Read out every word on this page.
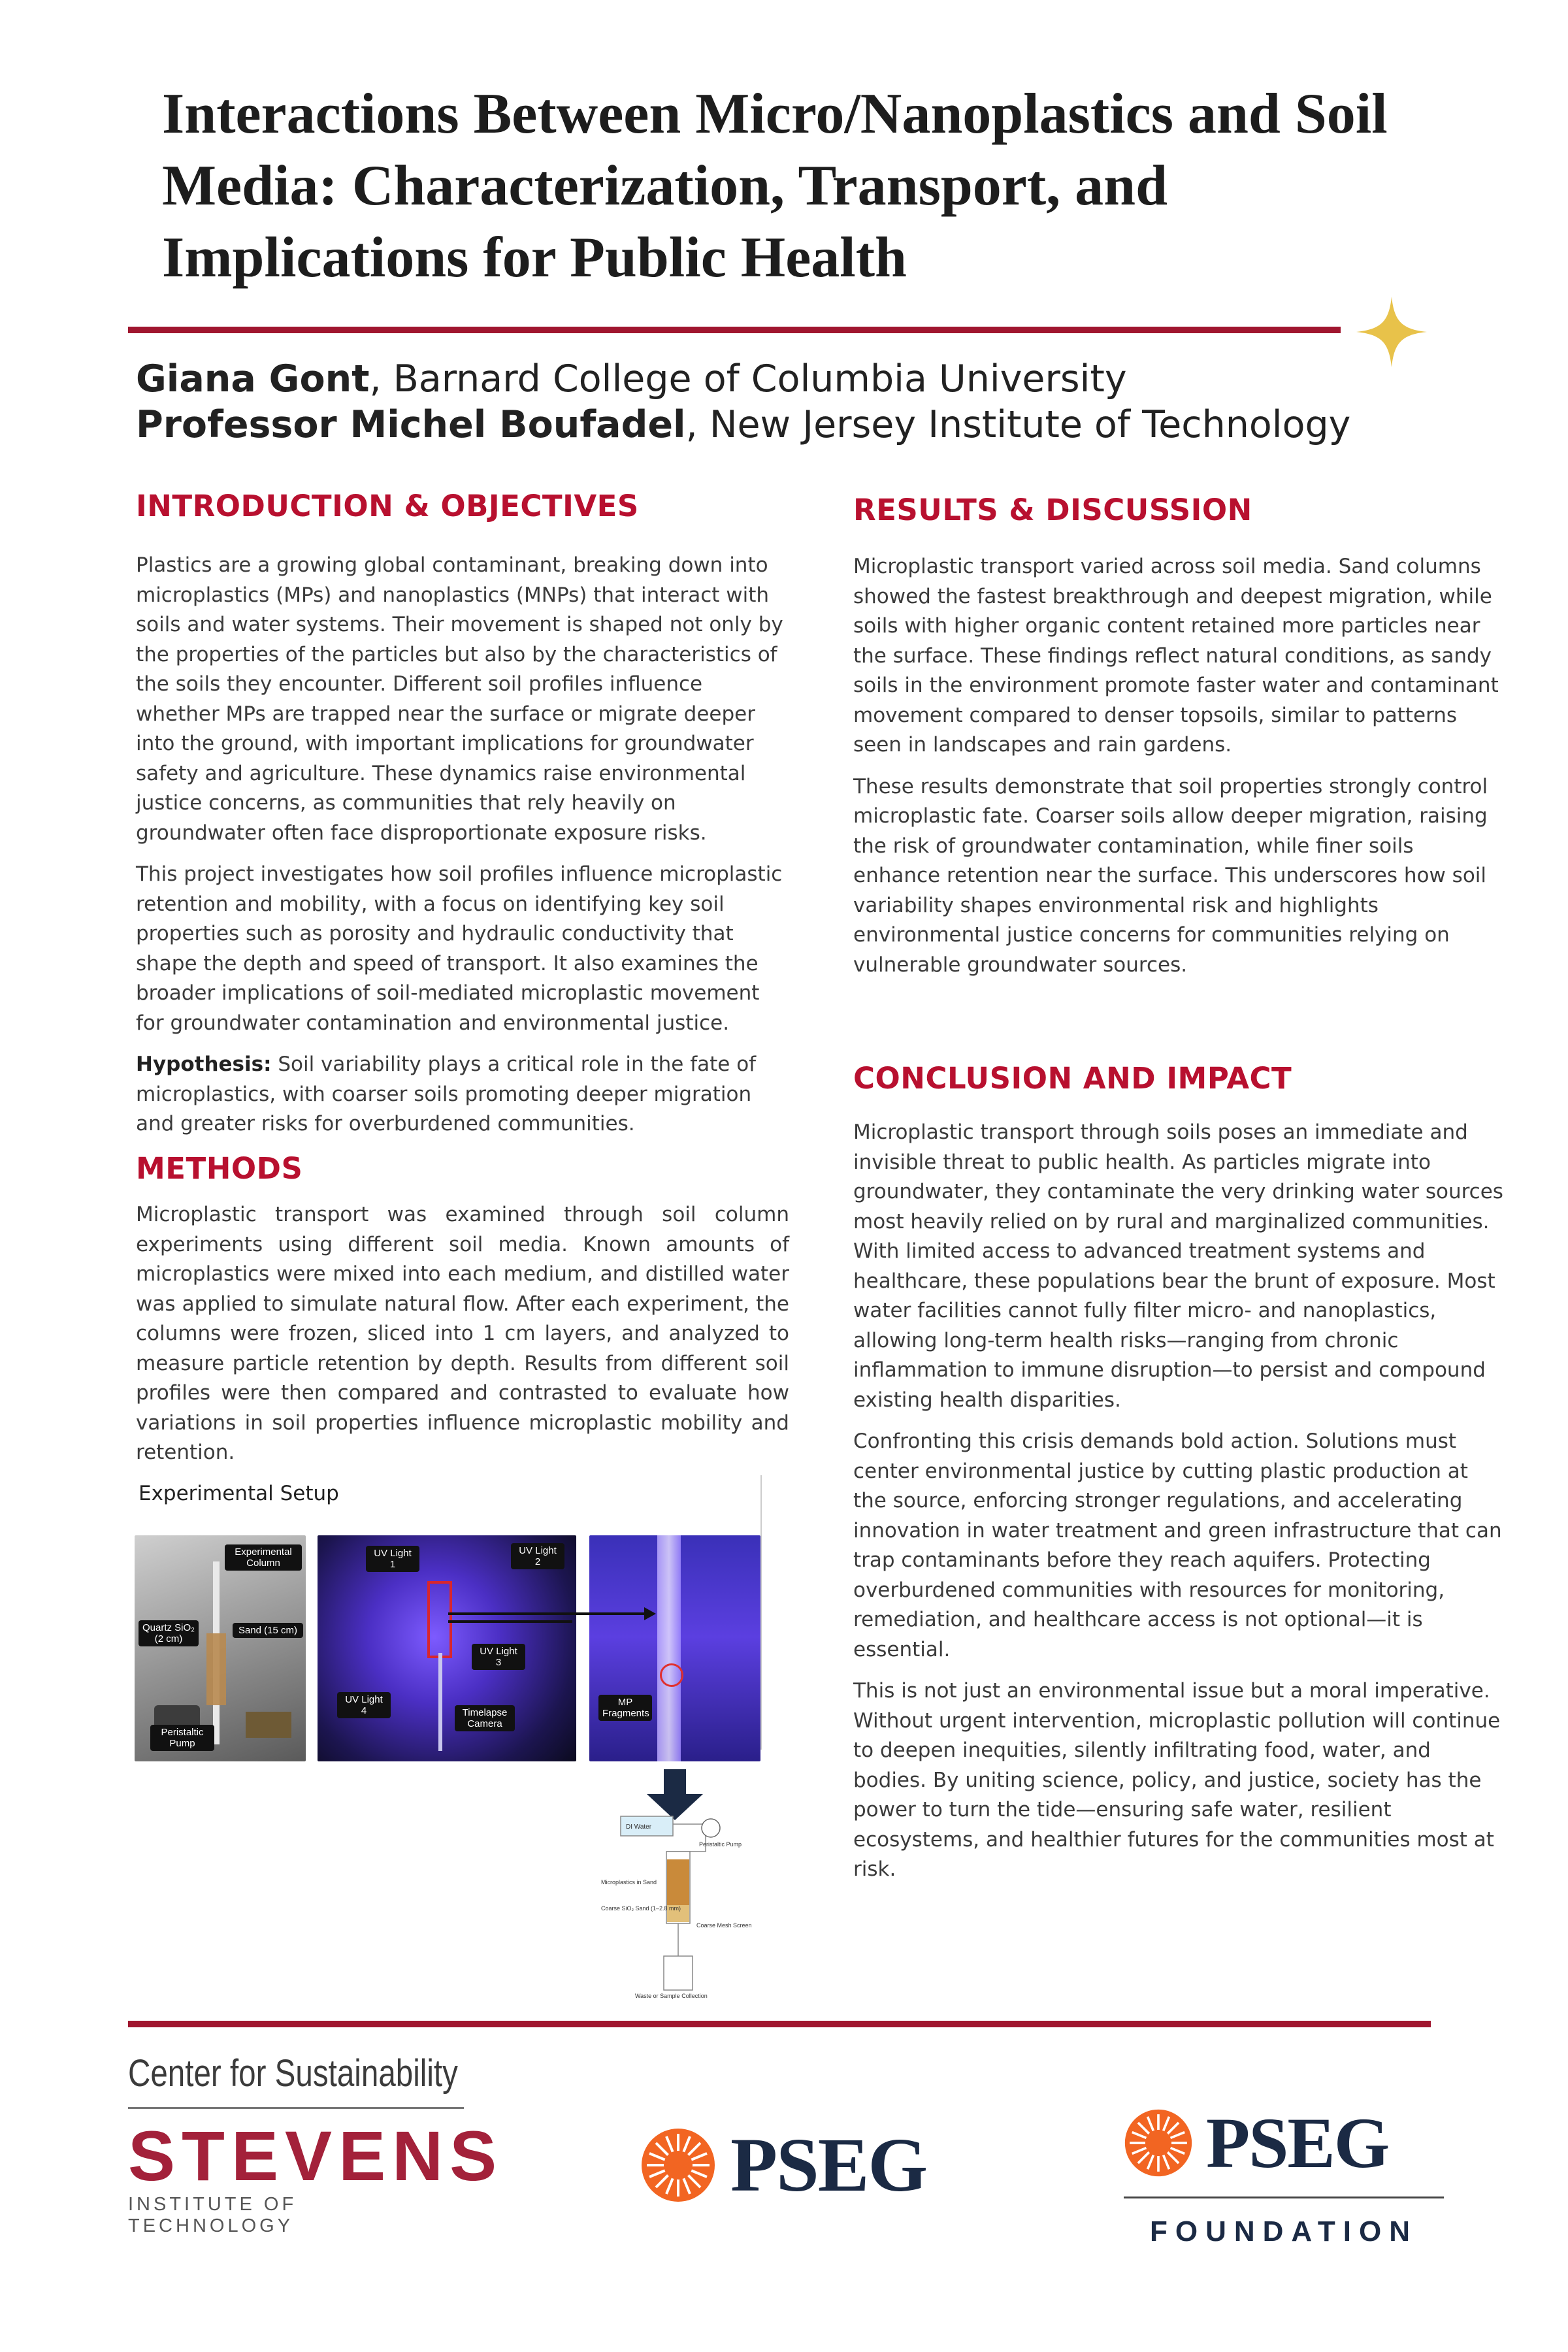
Interactions Between Micro/Nanoplastics and Soil Media: Characterization, Transport, and Implications for Public Health
Giana Gont, Barnard College of Columbia University
Professor Michel Boufadel, New Jersey Institute of Technology
INTRODUCTION & OBJECTIVES

Plastics are a growing global contaminant, breaking down into microplastics (MPs) and nanoplastics (MNPs) that interact with soils and water systems. Their movement is shaped not only by the properties of the particles but also by the characteristics of the soils they encounter. Different soil profiles influence whether MPs are trapped near the surface or migrate deeper into the ground, with important implications for groundwater safety and agriculture. These dynamics raise environmental justice concerns, as communities that rely heavily on groundwater often face disproportionate exposure risks.

This project investigates how soil profiles influence microplastic retention and mobility, with a focus on identifying key soil properties such as porosity and hydraulic conductivity that shape the depth and speed of transport. It also examines the broader implications of soil-mediated microplastic movement for groundwater contamination and environmental justice.

Hypothesis: Soil variability plays a critical role in the fate of microplastics, with coarser soils promoting deeper migration and greater risks for overburdened communities.

METHODS

Microplastic transport was examined through soil column experiments using different soil media. Known amounts of microplastics were mixed into each medium, and distilled water was applied to simulate natural flow. After each experiment, the columns were frozen, sliced into 1 cm layers, and analyzed to measure particle retention by depth. Results from different soil profiles were then compared and contrasted to evaluate how variations in soil properties influence microplastic mobility and retention.

Experimental Setup
Experimental Column
Quartz SiO₂ (2 cm)
Sand (15 cm)
Peristaltic Pump
UV Light 1
UV Light 2
UV Light 3
UV Light 4	Timelapse Camera
MP Fragments
DI Water
Peristaltic Pump
Microplastics in Sand
Coarse SiO₂ Sand (1–2.8 mm)
Coarse Mesh Screen
Waste or Sample Collection
RESULTS & DISCUSSION

Microplastic transport varied across soil media. Sand columns showed the fastest breakthrough and deepest migration, while soils with higher organic content retained more particles near the surface. These findings reflect natural conditions, as sandy soils in the environment promote faster water and contaminant movement compared to denser topsoils, similar to patterns seen in landscapes and rain gardens.

These results demonstrate that soil properties strongly control microplastic fate. Coarser soils allow deeper migration, raising the risk of groundwater contamination, while finer soils enhance retention near the surface. This underscores how soil variability shapes environmental risk and highlights environmental justice concerns for communities relying on vulnerable groundwater sources.

CONCLUSION AND IMPACT

Microplastic transport through soils poses an immediate and invisible threat to public health. As particles migrate into groundwater, they contaminate the very drinking water sources most heavily relied on by rural and marginalized communities. With limited access to advanced treatment systems and healthcare, these populations bear the brunt of exposure. Most water facilities cannot fully filter micro- and nanoplastics, allowing long-term health risks—ranging from chronic inflammation to immune disruption—to persist and compound existing health disparities.

Confronting this crisis demands bold action. Solutions must center environmental justice by cutting plastic production at the source, enforcing stronger regulations, and accelerating innovation in water treatment and green infrastructure that can trap contaminants before they reach aquifers. Protecting overburdened communities with resources for monitoring, remediation, and healthcare access is not optional—it is essential.

This is not just an environmental issue but a moral imperative. Without urgent intervention, microplastic pollution will continue to deepen inequities, silently infiltrating food, water, and bodies. By uniting science, policy, and justice, society has the power to turn the tide—ensuring safe water, resilient ecosystems, and healthier futures for the communities most at risk.

Center for Sustainability
STEVENS
INSTITUTE OF TECHNOLOGY
PSEG	PSEG
FOUNDATION
